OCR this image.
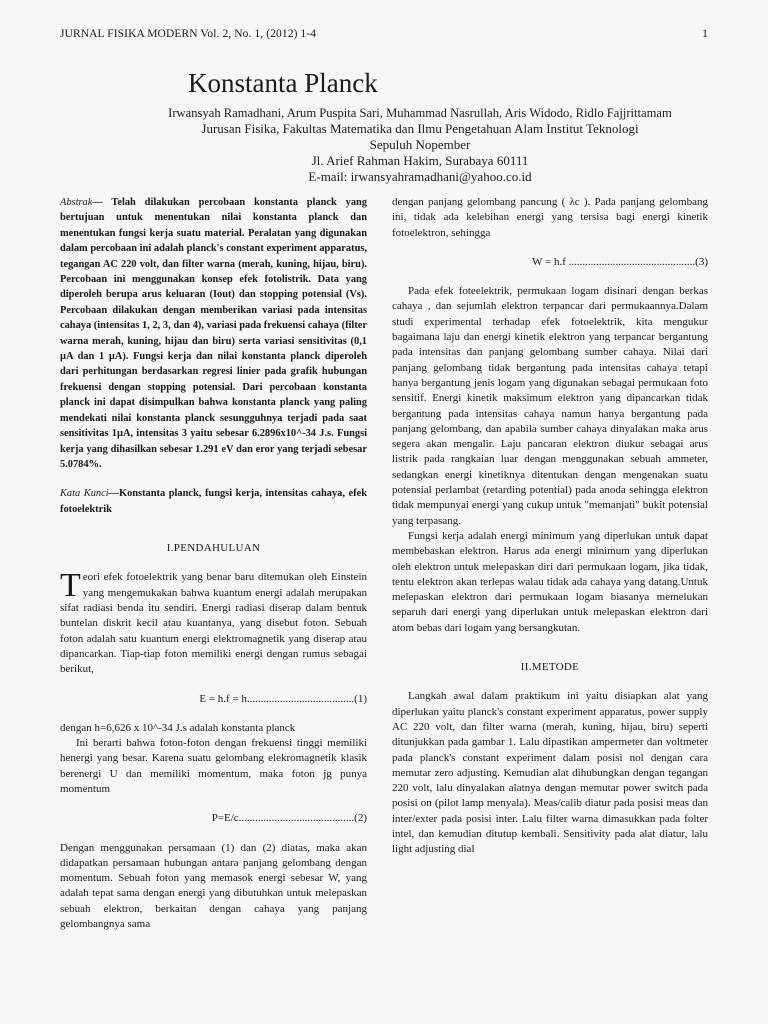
JURNAL FISIKA MODERN Vol. 2, No. 1, (2012) 1-4	1
Konstanta Planck
Irwansyah Ramadhani, Arum Puspita Sari, Muhammad Nasrullah, Aris Widodo, Ridlo Fajjrittamam
Jurusan Fisika, Fakultas Matematika dan Ilmu Pengetahuan Alam Institut Teknologi
Sepuluh Nopember
Jl. Arief Rahman Hakim, Surabaya 60111
E-mail: irwansyahramadhani@yahoo.co.id

Abstrak— Telah dilakukan percobaan konstanta planck yang bertujuan untuk menentukan nilai konstanta planck dan menentukan fungsi kerja suatu material. Peralatan yang digunakan dalam percobaan ini adalah planck's constant experiment apparatus, tegangan AC 220 volt, dan filter warna (merah, kuning, hijau, biru). Percobaan ini menggunakan konsep efek fotolistrik. Data yang diperoleh berupa arus keluaran (Iout) dan stopping potensial (Vs). Percobaan dilakukan dengan memberikan variasi pada intensitas cahaya (intensitas 1, 2, 3, dan 4), variasi pada frekuensi cahaya (filter warna merah, kuning, hijau dan biru) serta variasi sensitivitas (0,1 µA dan 1 µA). Fungsi kerja dan nilai konstanta planck diperoleh dari perhitungan berdasarkan regresi linier pada grafik hubungan frekuensi dengan stopping potensial. Dari percobaan konstanta planck ini dapat disimpulkan bahwa konstanta planck yang paling mendekati nilai konstanta planck sesungguhnya terjadi pada saat sensitivitas 1µA, intensitas 3 yaitu sebesar 6.2896x10^-34 J.s. Fungsi kerja yang dihasilkan sebesar 1.291 eV dan eror yang terjadi sebesar 5.0784%.

Kata Kunci—Konstanta planck, fungsi kerja, intensitas cahaya, efek fotoelektrik

I.PENDAHULUAN

Teori efek fotoelektrik yang benar baru ditemukan oleh Einstein yang mengemukakan bahwa kuantum energi adalah merupakan sifat radiasi benda itu sendiri. Energi radiasi diserap dalam bentuk buntelan diskrit kecil atau kuantanya, yang disebut foton. Sebuah foton adalah satu kuantum energi elektromagnetik yang diserap atau dipancarkan. Tiap-tiap foton memiliki energi dengan rumus sebagai berikut,

E = h.f = h.......................................(1)

dengan h=6,626 x 10^-34 J.s adalah konstanta planck

Ini berarti bahwa foton-foton dengan frekuensi tinggi memiliki henergi yang besar. Karena suatu gelombang elekromagnetik klasik berenergi U dan memiliki momentum, maka foton jg punya momentum

P=E/c..........................................(2)

Dengan menggunakan persamaan (1) dan (2) diatas, maka akan didapatkan persamaan hubungan antara panjang gelombang dengan momentum. Sebuah foton yang memasok energi sebesar W, yang adalah tepat sama dengan energi yang dibutuhkan untuk melepaskan sebuah elektron, berkaitan dengan cahaya yang panjang gelombangnya sama

dengan panjang gelombang pancung ( λc ). Pada panjang gelombang ini, tidak ada kelebihan energi yang tersisa bagi energi kinetik fotoelektron, sehingga

W = h.f ..............................................(3)

Pada efek foteelektrik, permukaan logam disinari dengan berkas cahaya , dan sejumlah elektron terpancar dari permukaannya.Dalam studi experimental terhadap efek fotoelektrik, kita mengukur bagaimana laju dan energi kinetik elektron yang terpancar bergantung pada intensitas dan panjang gelombang sumber cahaya. Nilai dari panjang gelombang tidak bergantung pada intensitas cahaya tetapi hanya bergantung jenis logam yang digunakan sebagai permukaan foto sensitif. Energi kinetik maksimum elektron yang dipancarkan tidak bergantung pada intensitas cahaya namun hanya bergantung pada panjang gelombang, dan apabila sumber cahaya dinyalakan maka arus segera akan mengalir. Laju pancaran elektron diukur sebagai arus listrik pada rangkaian luar dengan menggunakan sebuah ammeter, sedangkan energi kinetiknya ditentukan dengan mengenakan suatu potensial perlambat (retarding potential) pada anoda sehingga elektron tidak mempunyai energi yang cukup untuk "memanjati" bukit potensial yang terpasang.

Fungsi kerja adalah energi minimum yang diperlukan untuk dapat membebaskan elektron. Harus ada energi minimum yang diperlukan oleh elektron untuk melepaskan diri dari permukaan logam, jika tidak, tentu elektron akan terlepas walau tidak ada cahaya yang datang.Untuk melepaskan elektron dari permukaan logam biasanya memelukan separuh dari energi yang diperlukan untuk melepaskan elektron dari atom bebas dari logam yang bersangkutan.

II.METODE

Langkah awal dalam praktikum ini yaitu disiapkan alat yang diperlukan yaitu planck's constant experiment apparatus, power supply AC 220 volt, dan filter warna (merah, kuning, hijau, biru) seperti ditunjukkan pada gambar 1. Lalu dipastikan ampermeter dan voltmeter pada planck's constant experiment dalam posisi nol dengan cara memutar zero adjusting. Kemudian alat dihubungkan dengan tegangan 220 volt, lalu dinyalakan alatnya dengan memutar power switch pada posisi on (pilot lamp menyala). Meas/calib diatur pada posisi meas dan inter/exter pada posisi inter. Lalu filter warna dimasukkan pada folter intel, dan kemudian ditutup kembali. Sensitivity pada alat diatur, lalu light adjusting dial
